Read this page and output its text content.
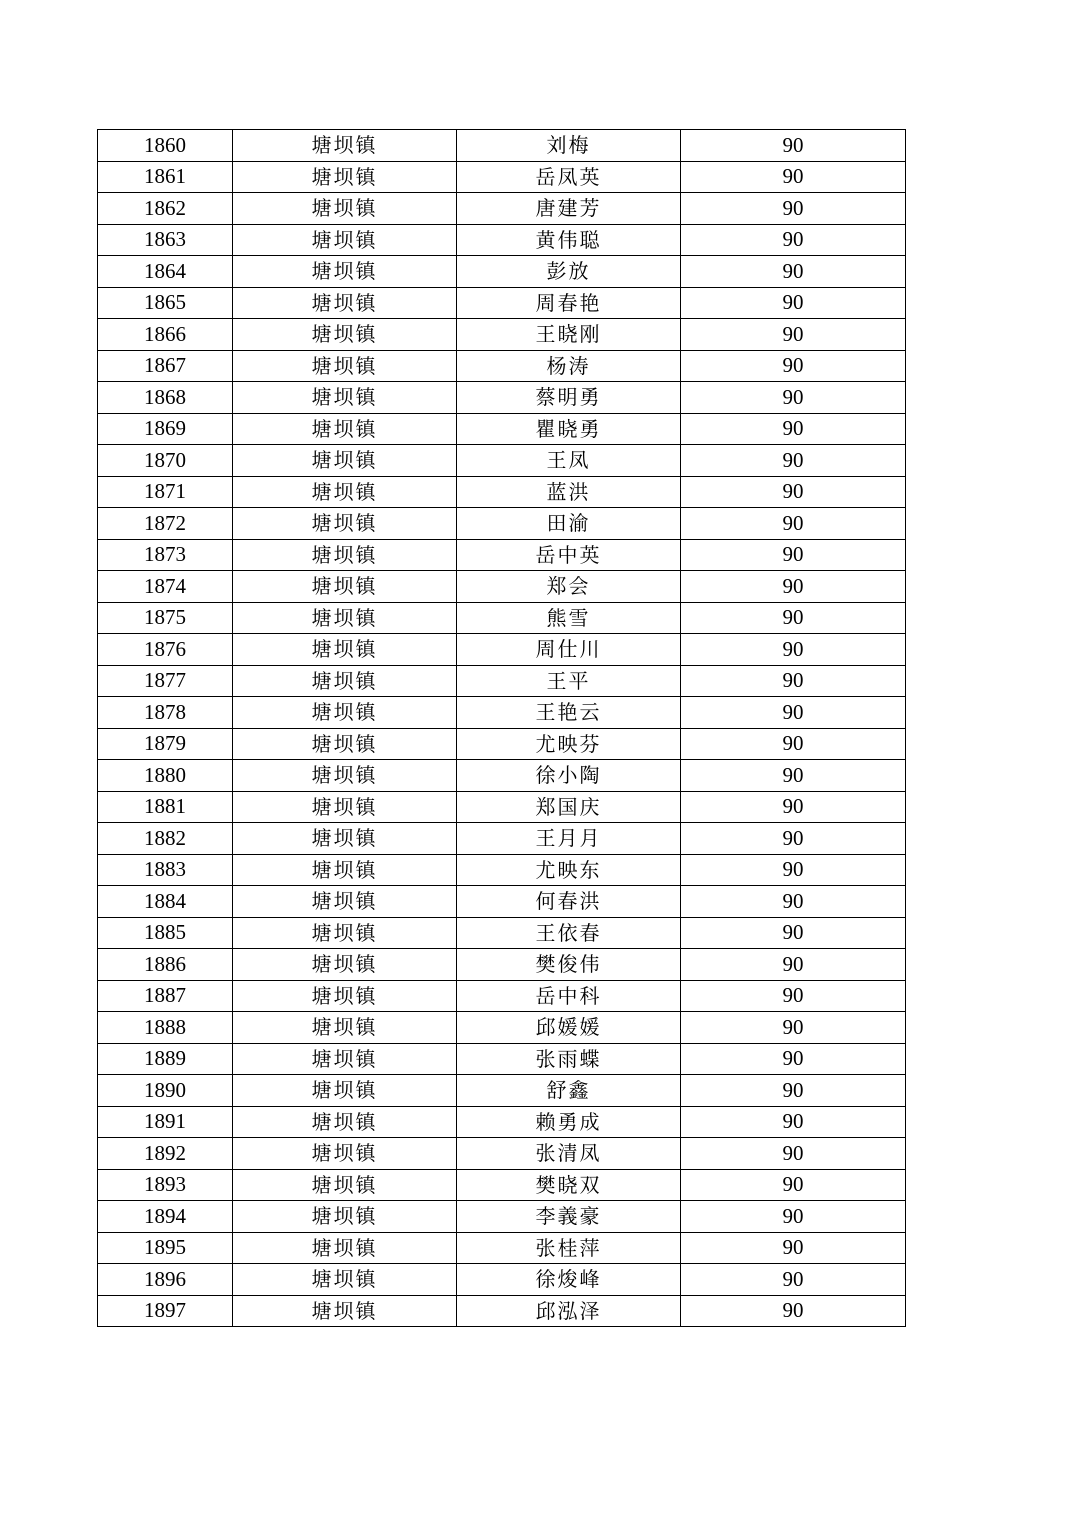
1860	塘坝镇	刘梅	90
1861	塘坝镇	岳凤英	90
1862	塘坝镇	唐建芳	90
1863	塘坝镇	黄伟聪	90
1864	塘坝镇	彭放	90
1865	塘坝镇	周春艳	90
1866	塘坝镇	王晓刚	90
1867	塘坝镇	杨涛	90
1868	塘坝镇	蔡明勇	90
1869	塘坝镇	瞿晓勇	90
1870	塘坝镇	王凤	90
1871	塘坝镇	蓝洪	90
1872	塘坝镇	田渝	90
1873	塘坝镇	岳中英	90
1874	塘坝镇	郑会	90
1875	塘坝镇	熊雪	90
1876	塘坝镇	周仕川	90
1877	塘坝镇	王平	90
1878	塘坝镇	王艳云	90
1879	塘坝镇	尤映芬	90
1880	塘坝镇	徐小陶	90
1881	塘坝镇	郑国庆	90
1882	塘坝镇	王月月	90
1883	塘坝镇	尤映东	90
1884	塘坝镇	何春洪	90
1885	塘坝镇	王依春	90
1886	塘坝镇	樊俊伟	90
1887	塘坝镇	岳中科	90
1888	塘坝镇	邱媛媛	90
1889	塘坝镇	张雨蝶	90
1890	塘坝镇	舒鑫	90
1891	塘坝镇	赖勇成	90
1892	塘坝镇	张清凤	90
1893	塘坝镇	樊晓双	90
1894	塘坝镇	李義豪	90
1895	塘坝镇	张桂萍	90
1896	塘坝镇	徐焌峰	90
1897	塘坝镇	邱泓泽	90
